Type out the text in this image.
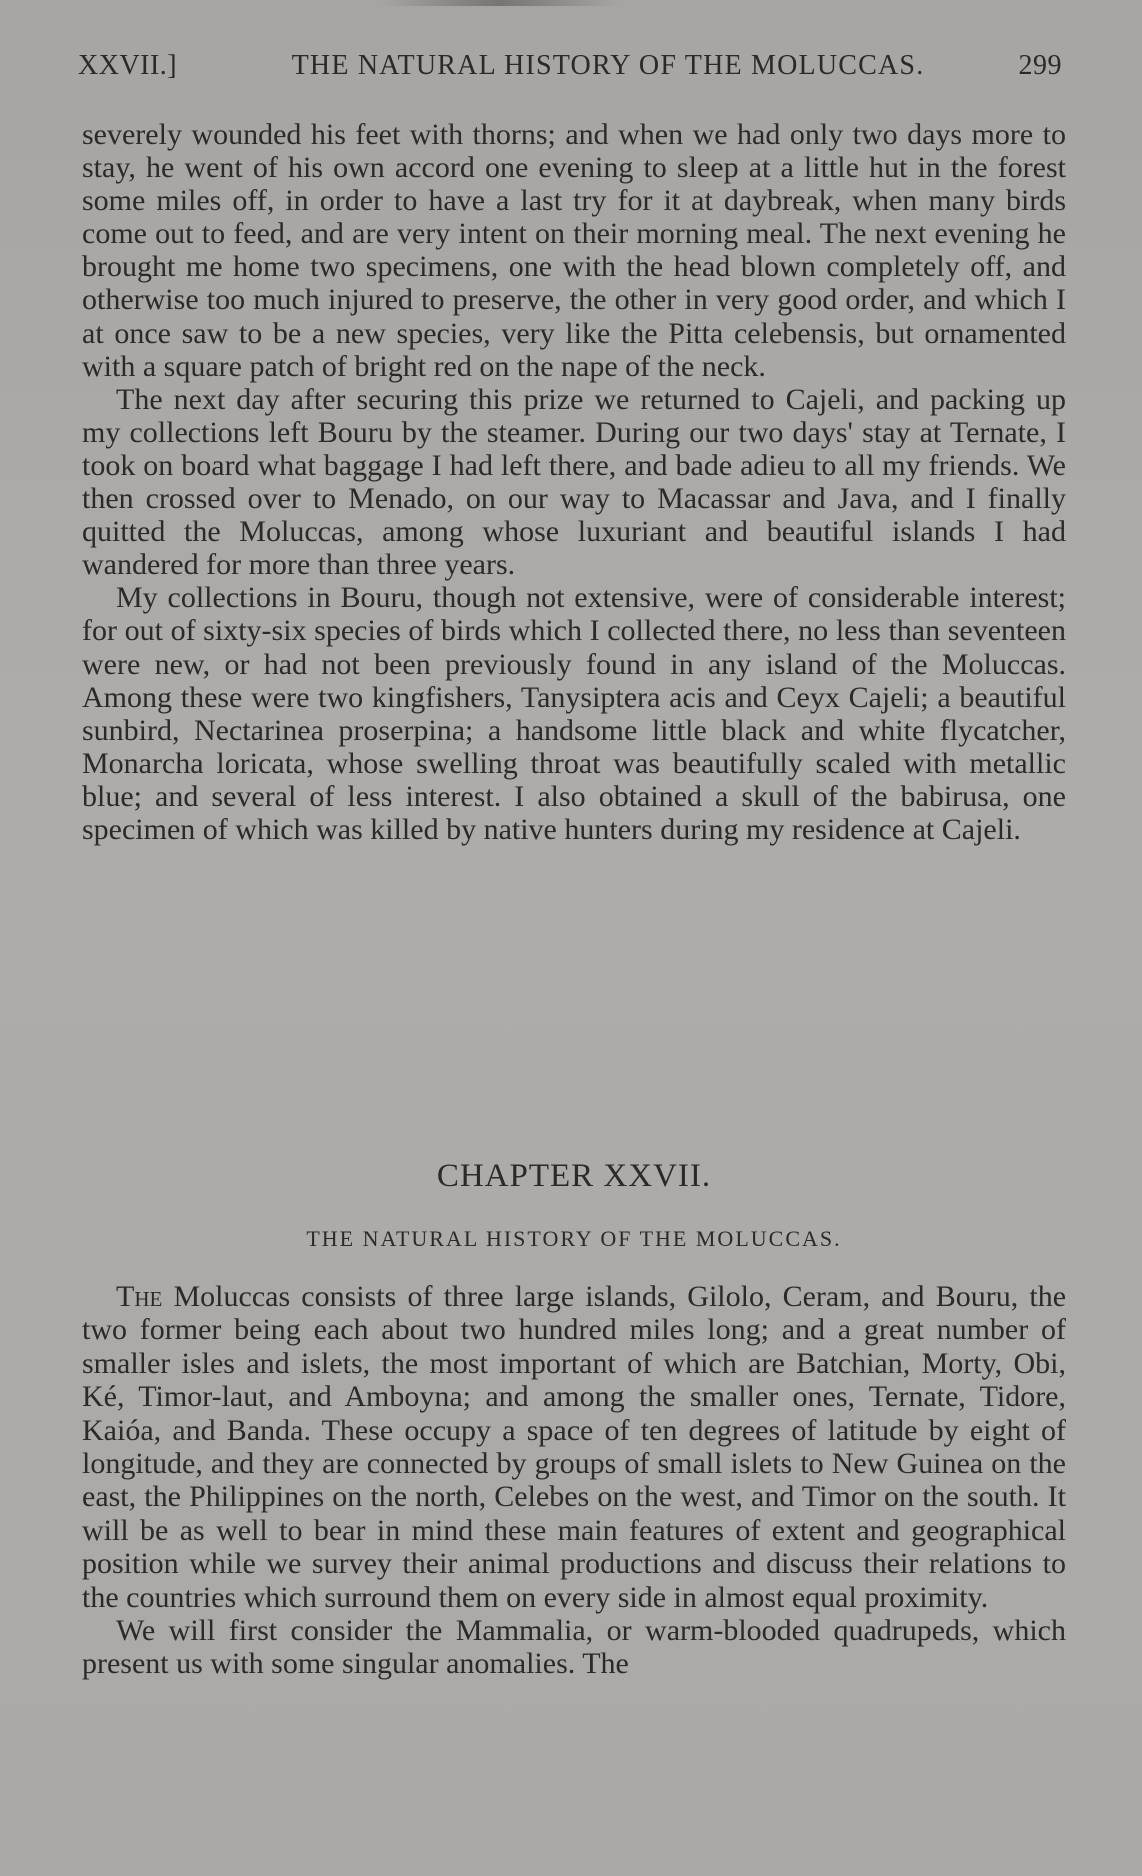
XXVII.]	THE NATURAL HISTORY OF THE MOLUCCAS.	299

severely wounded his feet with thorns; and when we had only two days more to stay, he went of his own accord one evening to sleep at a little hut in the forest some miles off, in order to have a last try for it at daybreak, when many birds come out to feed, and are very intent on their morning meal. The next evening he brought me home two specimens, one with the head blown completely off, and otherwise too much injured to preserve, the other in very good order, and which I at once saw to be a new species, very like the Pitta celebensis, but ornamented with a square patch of bright red on the nape of the neck.

The next day after securing this prize we returned to Cajeli, and packing up my collections left Bouru by the steamer. During our two days' stay at Ternate, I took on board what baggage I had left there, and bade adieu to all my friends. We then crossed over to Menado, on our way to Macassar and Java, and I finally quitted the Moluccas, among whose luxuriant and beautiful islands I had wandered for more than three years.

My collections in Bouru, though not extensive, were of considerable interest; for out of sixty-six species of birds which I collected there, no less than seventeen were new, or had not been previously found in any island of the Moluccas. Among these were two kingfishers, Tanysiptera acis and Ceyx Cajeli; a beautiful sunbird, Nectarinea proserpina; a handsome little black and white flycatcher, Monarcha loricata, whose swelling throat was beautifully scaled with metallic blue; and several of less interest. I also obtained a skull of the babirusa, one specimen of which was killed by native hunters during my residence at Cajeli.

CHAPTER XXVII.
THE NATURAL HISTORY OF THE MOLUCCAS.

The Moluccas consists of three large islands, Gilolo, Ceram, and Bouru, the two former being each about two hundred miles long; and a great number of smaller isles and islets, the most important of which are Batchian, Morty, Obi, Ké, Timor-laut, and Amboyna; and among the smaller ones, Ternate, Tidore, Kaióa, and Banda. These occupy a space of ten degrees of latitude by eight of longitude, and they are connected by groups of small islets to New Guinea on the east, the Philippines on the north, Celebes on the west, and Timor on the south. It will be as well to bear in mind these main features of extent and geographical position while we survey their animal productions and discuss their relations to the countries which surround them on every side in almost equal proximity.

We will first consider the Mammalia, or warm-blooded quadrupeds, which present us with some singular anomalies. The
